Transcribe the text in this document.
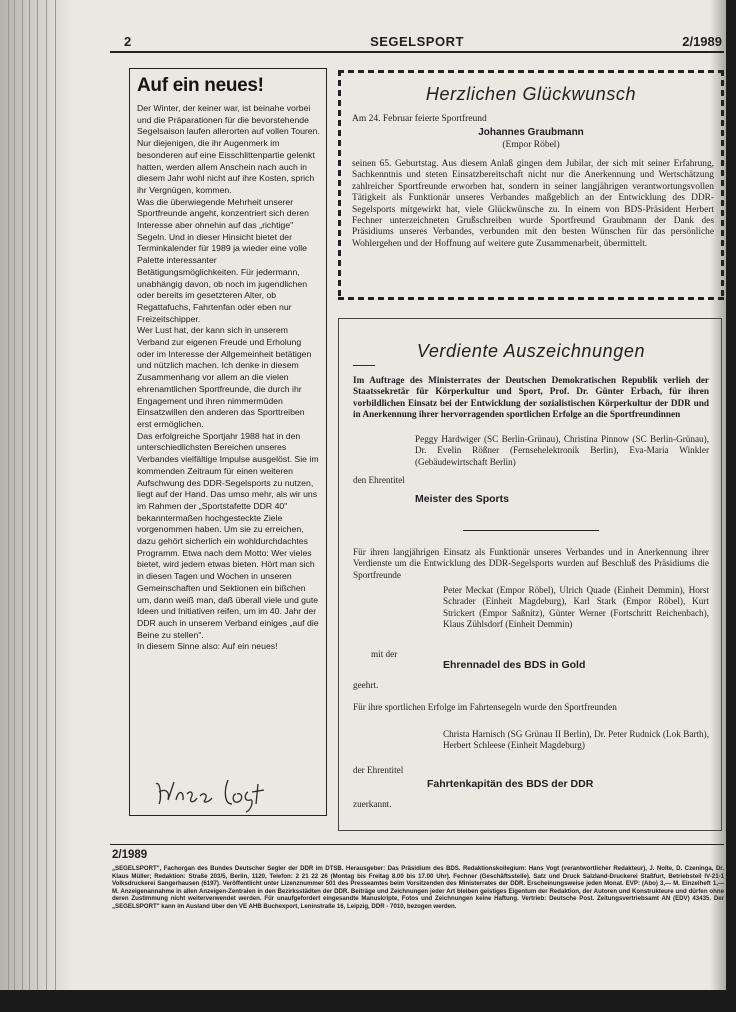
2	SEGELSPORT	2/1989
Auf ein neues!

Der Winter, der keiner war, ist beinahe vorbei und die Präparationen für die bevorstehende Segelsaison laufen allerorten auf vollen Touren. Nur diejenigen, die ihr Augenmerk im besonderen auf eine Eisschlittenpartie gelenkt hatten, werden allem Anschein nach auch in diesem Jahr wohl nicht auf ihre Kosten, sprich ihr Vergnügen, kommen.

Was die überwiegende Mehrheit unserer Sportfreunde angeht, konzentriert sich deren Interesse aber ohnehin auf das „richtige" Segeln. Und in dieser Hinsicht bietet der Terminkalender für 1989 ja wieder eine volle Palette interessanter Betätigungsmöglichkeiten. Für jedermann, unabhängig davon, ob noch im jugendlichen oder bereits im gesetzteren Alter, ob Regattafuchs, Fahrtenfan oder eben nur Freizeitschipper.

Wer Lust hat, der kann sich in unserem Verband zur eigenen Freude und Erholung oder im Interesse der Allgemeinheit betätigen und nützlich machen. Ich denke in diesem Zusammenhang vor allem an die vielen ehrenamtlichen Sportfreunde, die durch ihr Engagement und ihren nimmermüden Einsatzwillen den anderen das Sporttreiben erst ermöglichen.

Das erfolgreiche Sportjahr 1988 hat in den unterschiedlichsten Bereichen unseres Verbandes vielfältige Impulse ausgelöst. Sie im kommenden Zeitraum für einen weiteren Aufschwung des DDR-Segelsports zu nutzen, liegt auf der Hand. Das umso mehr, als wir uns im Rahmen der „Sportstafette DDR 40" bekanntermaßen hochgesteckte Ziele vorgenommen haben. Um sie zu erreichen, dazu gehört sicherlich ein wohldurchdachtes Programm. Etwa nach dem Motto: Wer vieles bietet, wird jedem etwas bieten. Hört man sich in diesen Tagen und Wochen in unseren Gemeinschaften und Sektionen ein bißchen um, dann weiß man, daß überall viele und gute Ideen und Initiativen reifen, um im 40. Jahr der DDR auch in unserem Verband einiges „auf die Beine zu stellen".

In diesem Sinne also: Auf ein neues!

Herzlichen Glückwunsch
Am 24. Februar feierte Sportfreund
Johannes Graubmann
(Empor Röbel)

seinen 65. Geburtstag. Aus diesem Anlaß gingen dem Jubilar, der sich mit seiner Erfahrung, Sachkenntnis und steten Einsatzbereitschaft nicht nur die Anerkennung und Wertschätzung zahlreicher Sportfreunde erworben hat, sondern in seiner langjährigen verantwortungsvollen Tätigkeit als Funktionär unseres Verbandes maßgeblich an der Entwicklung des DDR-Segelsports mitgewirkt hat, viele Glückwünsche zu. In einem von BDS-Präsident Herbert Fechner unterzeichneten Grußschreiben wurde Sportfreund Graubmann der Dank des Präsidiums unseres Verbandes, verbunden mit den besten Wünschen für das persönliche Wohlergehen und der Hoffnung auf weitere gute Zusammenarbeit, übermittelt.

Verdiente Auszeichnungen

Im Auftrage des Ministerrates der Deutschen Demokratischen Republik verlieh der Staatssekretär für Körperkultur und Sport, Prof. Dr. Günter Erbach, für ihren vorbildlichen Einsatz bei der Entwicklung der sozialistischen Körperkultur der DDR und in Anerkennung ihrer hervorragenden sportlichen Erfolge an die Sportfreundinnen

Peggy Hardwiger (SC Berlin-Grünau), Christina Pinnow (SC Berlin-Grünau), Dr. Evelin Rößner (Fernsehelektronik Berlin), Eva-Maria Winkler (Gebäudewirtschaft Berlin)

den Ehrentitel

Meister des Sports

Für ihren langjährigen Einsatz als Funktionär unseres Verbandes und in Anerkennung ihrer Verdienste um die Entwicklung des DDR-Segelsports wurden auf Beschluß des Präsidiums die Sportfreunde

Peter Meckat (Empor Röbel), Ulrich Quade (Einheit Demmin), Horst Schrader (Einheit Magdeburg), Karl Stark (Empor Röbel), Kurt Strickert (Empor Saßnitz), Günter Werner (Fortschritt Reichenbach), Klaus Zühlsdorf (Einheit Demmin)

mit der

Ehrennadel des BDS in Gold

geehrt.

Für ihre sportlichen Erfolge im Fahrtensegeln wurde den Sportfreunden

Christa Harnisch (SG Grünau II Berlin), Dr. Peter Rudnick (Lok Barth), Herbert Schleese (Einheit Magdeburg)

der Ehrentitel

Fahrtenkapitän des BDS der DDR

zuerkannt.

2/1989

„SEGELSPORT", Fachorgan des Bundes Deutscher Segler der DDR im DTSB. Herausgeber: Das Präsidium des BDS. Redaktionskollegium: Hans Vogt (verantwortlicher Redakteur), J. Nolte, D. Czeninga, Dr. Klaus Müller; Redaktion: Straße 203/5, Berlin, 1120, Telefon: 2 21 22 26 (Montag bis Freitag 8.00 bis 17.00 Uhr). Fechner (Geschäftsstelle). Satz und Druck Salzland-Druckerei Staßfurt, Betriebsteil IV-21-1 Volksdruckerei Sangerhausen (6197). Veröffentlicht unter Lizenznummer 501 des Presseamtes beim Vorsitzenden des Ministerrates der DDR. Erscheinungsweise jeden Monat. EVP: (Abo) 3,— M. Einzelheft 1,— M. Anzeigenannahme in allen Anzeigen-Zentralen in den Bezirksstädten der DDR. Beiträge und Zeichnungen jeder Art bleiben geistiges Eigentum der Redaktion, der Autoren und Konstrukteure und dürfen ohne deren Zustimmung nicht weiterverwendet werden. Für unaufgefordert eingesandte Manuskripte, Fotos und Zeichnungen keine Haftung. Vertrieb: Deutsche Post. Zeitungsvertriebsamt AN (EDV) 43435. Der „SEGELSPORT" kann im Ausland über den VE AHB Buchexport, Leninstraße 16, Leipzig, DDR - 7010, bezogen werden.
